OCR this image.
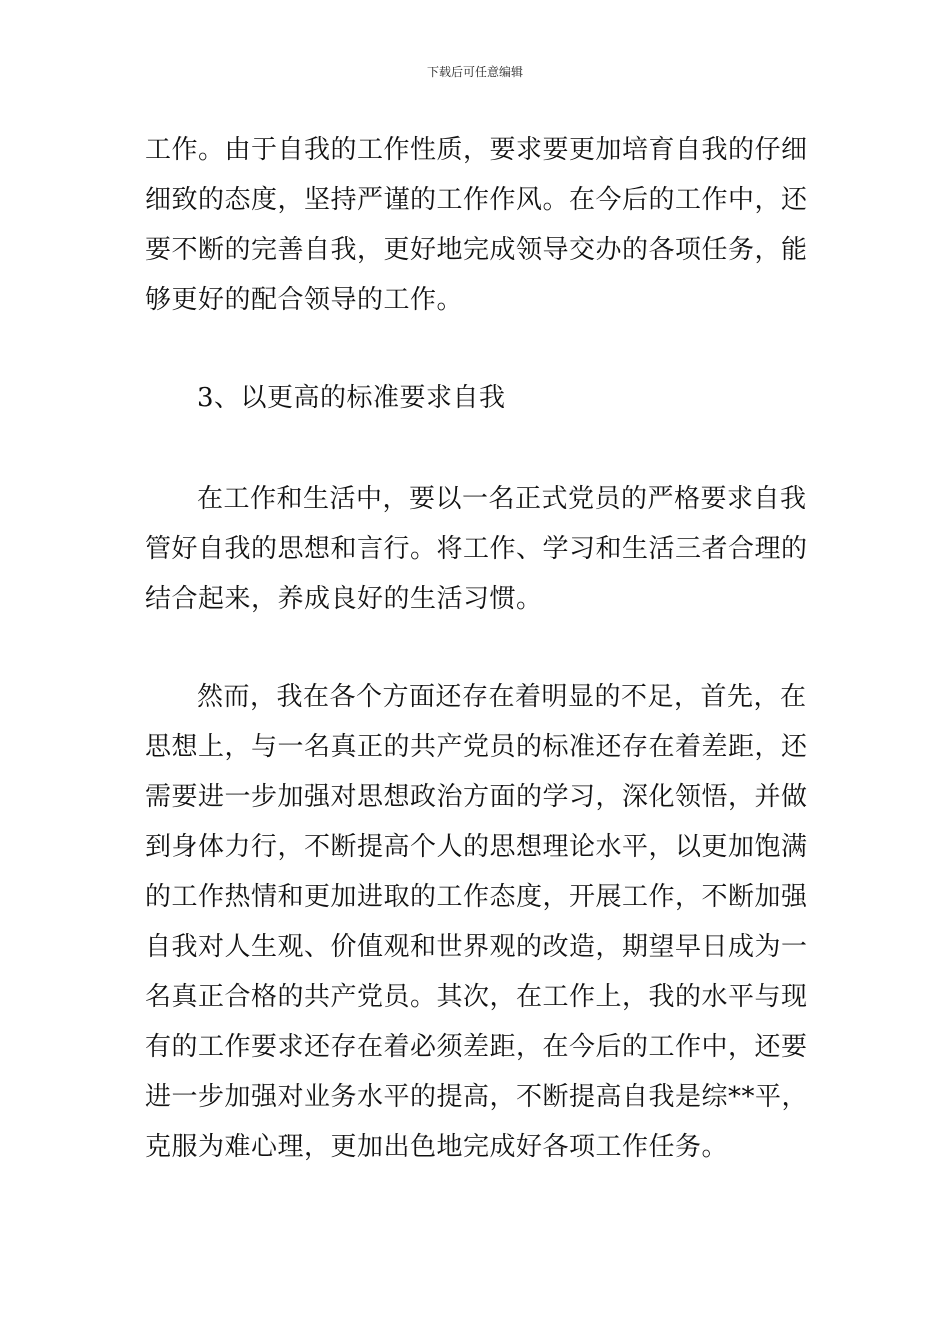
下载后可任意编辑
工作。由于自我的工作性质，要求要更加培育自我的仔细
细致的态度，坚持严谨的工作作风。在今后的工作中，还
要不断的完善自我，更好地完成领导交办的各项任务，能
够更好的配合领导的工作。
3、以更高的标准要求自我
在工作和生活中，要以一名正式党员的严格要求自我
管好自我的思想和言行。将工作、学习和生活三者合理的
结合起来，养成良好的生活习惯。
然而，我在各个方面还存在着明显的不足，首先，在
思想上，与一名真正的共产党员的标准还存在着差距，还
需要进一步加强对思想政治方面的学习，深化领悟，并做
到身体力行，不断提高个人的思想理论水平，以更加饱满
的工作热情和更加进取的工作态度，开展工作，不断加强
自我对人生观、价值观和世界观的改造，期望早日成为一
名真正合格的共产党员。其次，在工作上，我的水平与现
有的工作要求还存在着必须差距，在今后的工作中，还要
进一步加强对业务水平的提高，不断提高自我是综**平，
克服为难心理，更加出色地完成好各项工作任务。
